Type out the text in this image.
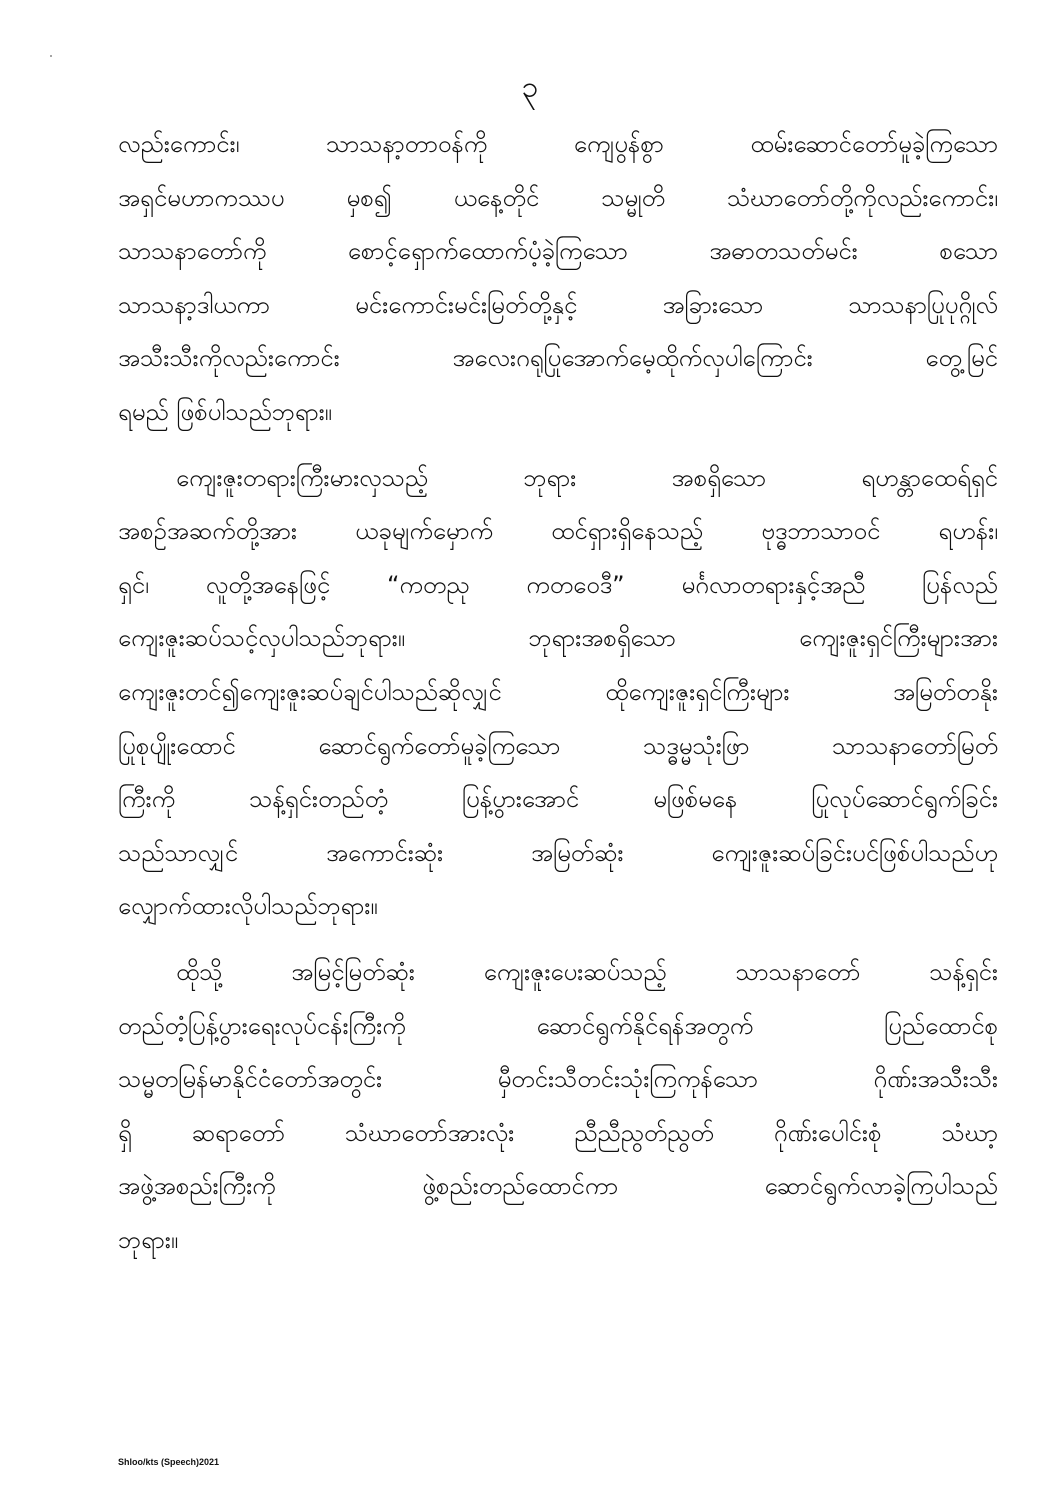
၃
လည်းကောင်း၊ သာသနာ့တာဝန်ကို ကျေပွန်စွာ ထမ်းဆောင်တော်မူခဲ့ကြသော
အရှင်မဟာကဿပ မှစ၍ ယနေ့တိုင် သမ္မုတိ သံဃာတော်တို့ကိုလည်းကောင်း၊
သာသနာတော်ကို စောင့်ရှောက်ထောက်ပံ့ခဲ့ကြသော အဓာတသတ်မင်း စသော
သာသနာ့ဒါယကာ မင်းကောင်းမင်းမြတ်တို့နှင့် အခြားသော သာသနာပြုပုဂ္ဂိုလ်
အသီးသီးကိုလည်းကောင်း အလေးဂရုပြုအောက်မေ့ထိုက်လှပါကြောင်း တွေ့မြင်
ရမည် ဖြစ်ပါသည်ဘုရား။
ကျေးဇူးတရားကြီးမားလှသည့် ဘုရား အစရှိသော ရဟန္တာထေရ်ရှင်
အစဉ်အဆက်တို့အား ယခုမျက်မှောက် ထင်ရှားရှိနေသည့် ဗုဒ္ဓဘာသာဝင် ရဟန်း၊
ရှင်၊ လူတို့အနေဖြင့် “ကတညု ကတဝေဒီ” မင်္ဂလာတရားနှင့်အညီ ပြန်လည်
ကျေးဇူးဆပ်သင့်လှပါသည်ဘုရား။ ဘုရားအစရှိသော ကျေးဇူးရှင်ကြီးများအား
ကျေးဇူးတင်၍ကျေးဇူးဆပ်ချင်ပါသည်ဆိုလျှင် ထိုကျေးဇူးရှင်ကြီးများ အမြတ်တနိုး
ပြုစုပျိုးထောင် ဆောင်ရွက်တော်မူခဲ့ကြသော သဒ္ဓမ္မသုံးဖြာ သာသနာတော်မြတ်
ကြီးကို သန့်ရှင်းတည်တံ့ ပြန့်ပွားအောင် မဖြစ်မနေ ပြုလုပ်ဆောင်ရွက်ခြင်း
သည်သာလျှင် အကောင်းဆုံး အမြတ်ဆုံး ကျေးဇူးဆပ်ခြင်းပင်ဖြစ်ပါသည်ဟု
လျှောက်ထားလိုပါသည်ဘုရား။
ထိုသို့ အမြင့်မြတ်ဆုံး ကျေးဇူးပေးဆပ်သည့် သာသနာတော် သန့်ရှင်း
တည်တံ့ပြန့်ပွားရေးလုပ်ငန်းကြီးကို ဆောင်ရွက်နိုင်ရန်အတွက် ပြည်ထောင်စု
သမ္မတမြန်မာနိုင်ငံတော်အတွင်း မှီတင်းသီတင်းသုံးကြကုန်သော ဂိုဏ်းအသီးသီး
ရှိ ဆရာတော် သံဃာတော်အားလုံး ညီညီညွတ်ညွတ် ဂိုဏ်းပေါင်းစုံ သံဃာ့
အဖွဲ့အစည်းကြီးကို ဖွဲ့စည်းတည်ထောင်ကာ ဆောင်ရွက်လာခဲ့ကြပါသည်
ဘုရား။
Shloo/kts (Speech)2021
